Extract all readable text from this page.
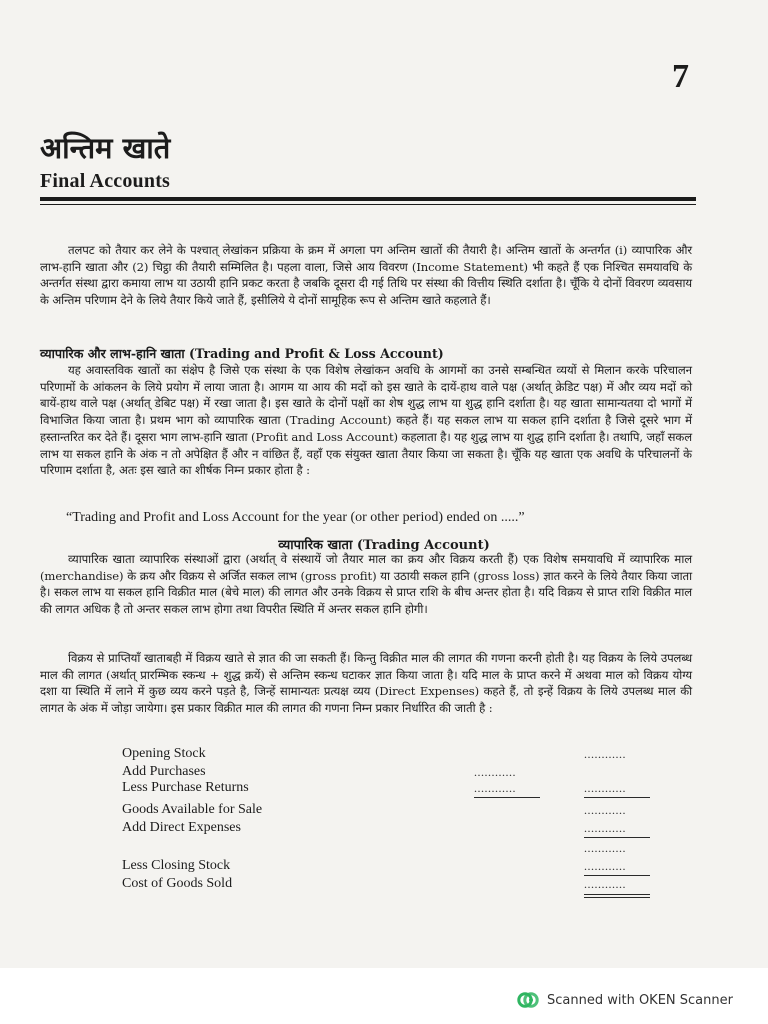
7
अन्तिम खाते
Final Accounts

तलपट को तैयार कर लेने के पश्चात् लेखांकन प्रक्रिया के क्रम में अगला पग अन्तिम खातों की तैयारी है। अन्तिम खातों के अन्तर्गत (i) व्यापारिक और लाभ-हानि खाता और (2) चिट्ठा की तैयारी सम्मिलित है। पहला वाला, जिसे आय विवरण (Income Statement) भी कहते हैं एक निश्चित समयावधि के अन्तर्गत संस्था द्वारा कमाया लाभ या उठायी हानि प्रकट करता है जबकि दूसरा दी गई तिथि पर संस्था की वित्तीय स्थिति दर्शाता है। चूँकि ये दोनों विवरण व्यवसाय के अन्तिम परिणाम देने के लिये तैयार किये जाते हैं, इसीलिये ये दोनों सामूहिक रूप से अन्तिम खाते कहलाते हैं।

व्यापारिक और लाभ-हानि खाता (Trading and Profit & Loss Account)

यह अवास्तविक खातों का संक्षेप है जिसे एक संस्था के एक विशेष लेखांकन अवधि के आगमों का उनसे सम्बन्धित व्ययों से मिलान करके परिचालन परिणामों के आंकलन के लिये प्रयोग में लाया जाता है। आगम या आय की मदों को इस खाते के दायें-हाथ वाले पक्ष (अर्थात् क्रेडिट पक्ष) में और व्यय मदों को बायें-हाथ वाले पक्ष (अर्थात् डेबिट पक्ष) में रखा जाता है। इस खाते के दोनों पक्षों का शेष शुद्ध लाभ या शुद्ध हानि दर्शाता है। यह खाता सामान्यतया दो भागों में विभाजित किया जाता है। प्रथम भाग को व्यापारिक खाता (Trading Account) कहते हैं। यह सकल लाभ या सकल हानि दर्शाता है जिसे दूसरे भाग में हस्तान्तरित कर देते हैं। दूसरा भाग लाभ-हानि खाता (Profit and Loss Account) कहलाता है। यह शुद्ध लाभ या शुद्ध हानि दर्शाता है। तथापि, जहाँ सकल लाभ या सकल हानि के अंक न तो अपेक्षित हैं और न वांछित हैं, वहाँ एक संयुक्त खाता तैयार किया जा सकता है। चूँकि यह खाता एक अवधि के परिचालनों के परिणाम दर्शाता है, अतः इस खाते का शीर्षक निम्न प्रकार होता है :

“Trading and Profit and Loss Account for the year (or other period) ended on .....”
व्यापारिक खाता (Trading Account)

व्यापारिक खाता व्यापारिक संस्थाओं द्वारा (अर्थात् वे संस्थायें जो तैयार माल का क्रय और विक्रय करती हैं) एक विशेष समयावधि में व्यापारिक माल (merchandise) के क्रय और विक्रय से अर्जित सकल लाभ (gross profit) या उठायी सकल हानि (gross loss) ज्ञात करने के लिये तैयार किया जाता है। सकल लाभ या सकल हानि विक्रीत माल (बेचे माल) की लागत और उनके विक्रय से प्राप्त राशि के बीच अन्तर होता है। यदि विक्रय से प्राप्त राशि विक्रीत माल की लागत अधिक है तो अन्तर सकल लाभ होगा तथा विपरीत स्थिति में अन्तर सकल हानि होगी।

विक्रय से प्राप्तियाँ खाताबही में विक्रय खाते से ज्ञात की जा सकती हैं। किन्तु विक्रीत माल की लागत की गणना करनी होती है। यह विक्रय के लिये उपलब्ध माल की लागत (अर्थात् प्रारम्भिक स्कन्ध + शुद्ध क्रयें) से अन्तिम स्कन्ध घटाकर ज्ञात किया जाता है। यदि माल के प्राप्त करने में अथवा माल को विक्रय योग्य दशा या स्थिति में लाने में कुछ व्यय करने पड़ते है, जिन्हें सामान्यतः प्रत्यक्ष व्यय (Direct Expenses) कहते हैं, तो इन्हें विक्रय के लिये उपलब्ध माल की लागत के अंक में जोड़ा जायेगा। इस प्रकार विक्रीत माल की लागत की गणना निम्न प्रकार निर्धारित की जाती है :

Opening Stock	............
Add Purchases	............
Less Purchase Returns	............	............
Goods Available for Sale	............
Add Direct Expenses	............
............
Less Closing Stock	............
Cost of Goods Sold	............
Scanned with OKEN Scanner
